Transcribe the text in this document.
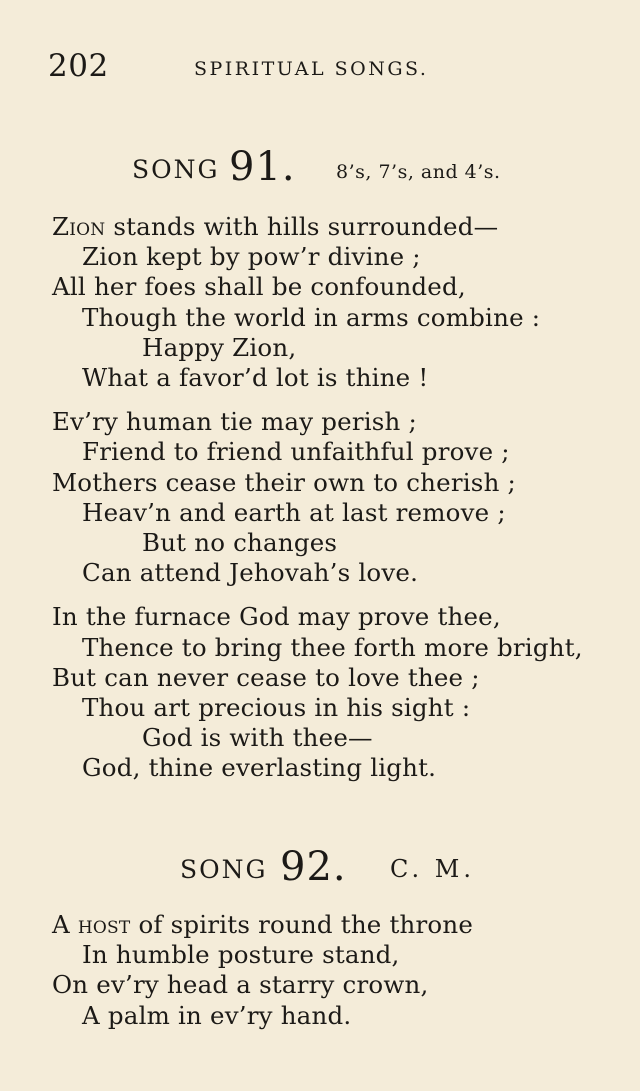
202	SPIRITUAL SONGS.
SONG 91. 8’s, 7’s, and 4’s.
Zion stands with hills surrounded—
Zion kept by pow’r divine ;
All her foes shall be confounded,
Though the world in arms combine :
Happy Zion,
What a favor’d lot is thine !
Ev’ry human tie may perish ;
Friend to friend unfaithful prove ;
Mothers cease their own to cherish ;
Heav’n and earth at last remove ;
But no changes
Can attend Jehovah’s love.
In the furnace God may prove thee,
Thence to bring thee forth more bright,
But can never cease to love thee ;
Thou art precious in his sight :
God is with thee—
God, thine everlasting light.
SONG 92. C. M.
A host of spirits round the throne
In humble posture stand,
On ev’ry head a starry crown,
A palm in ev’ry hand.
